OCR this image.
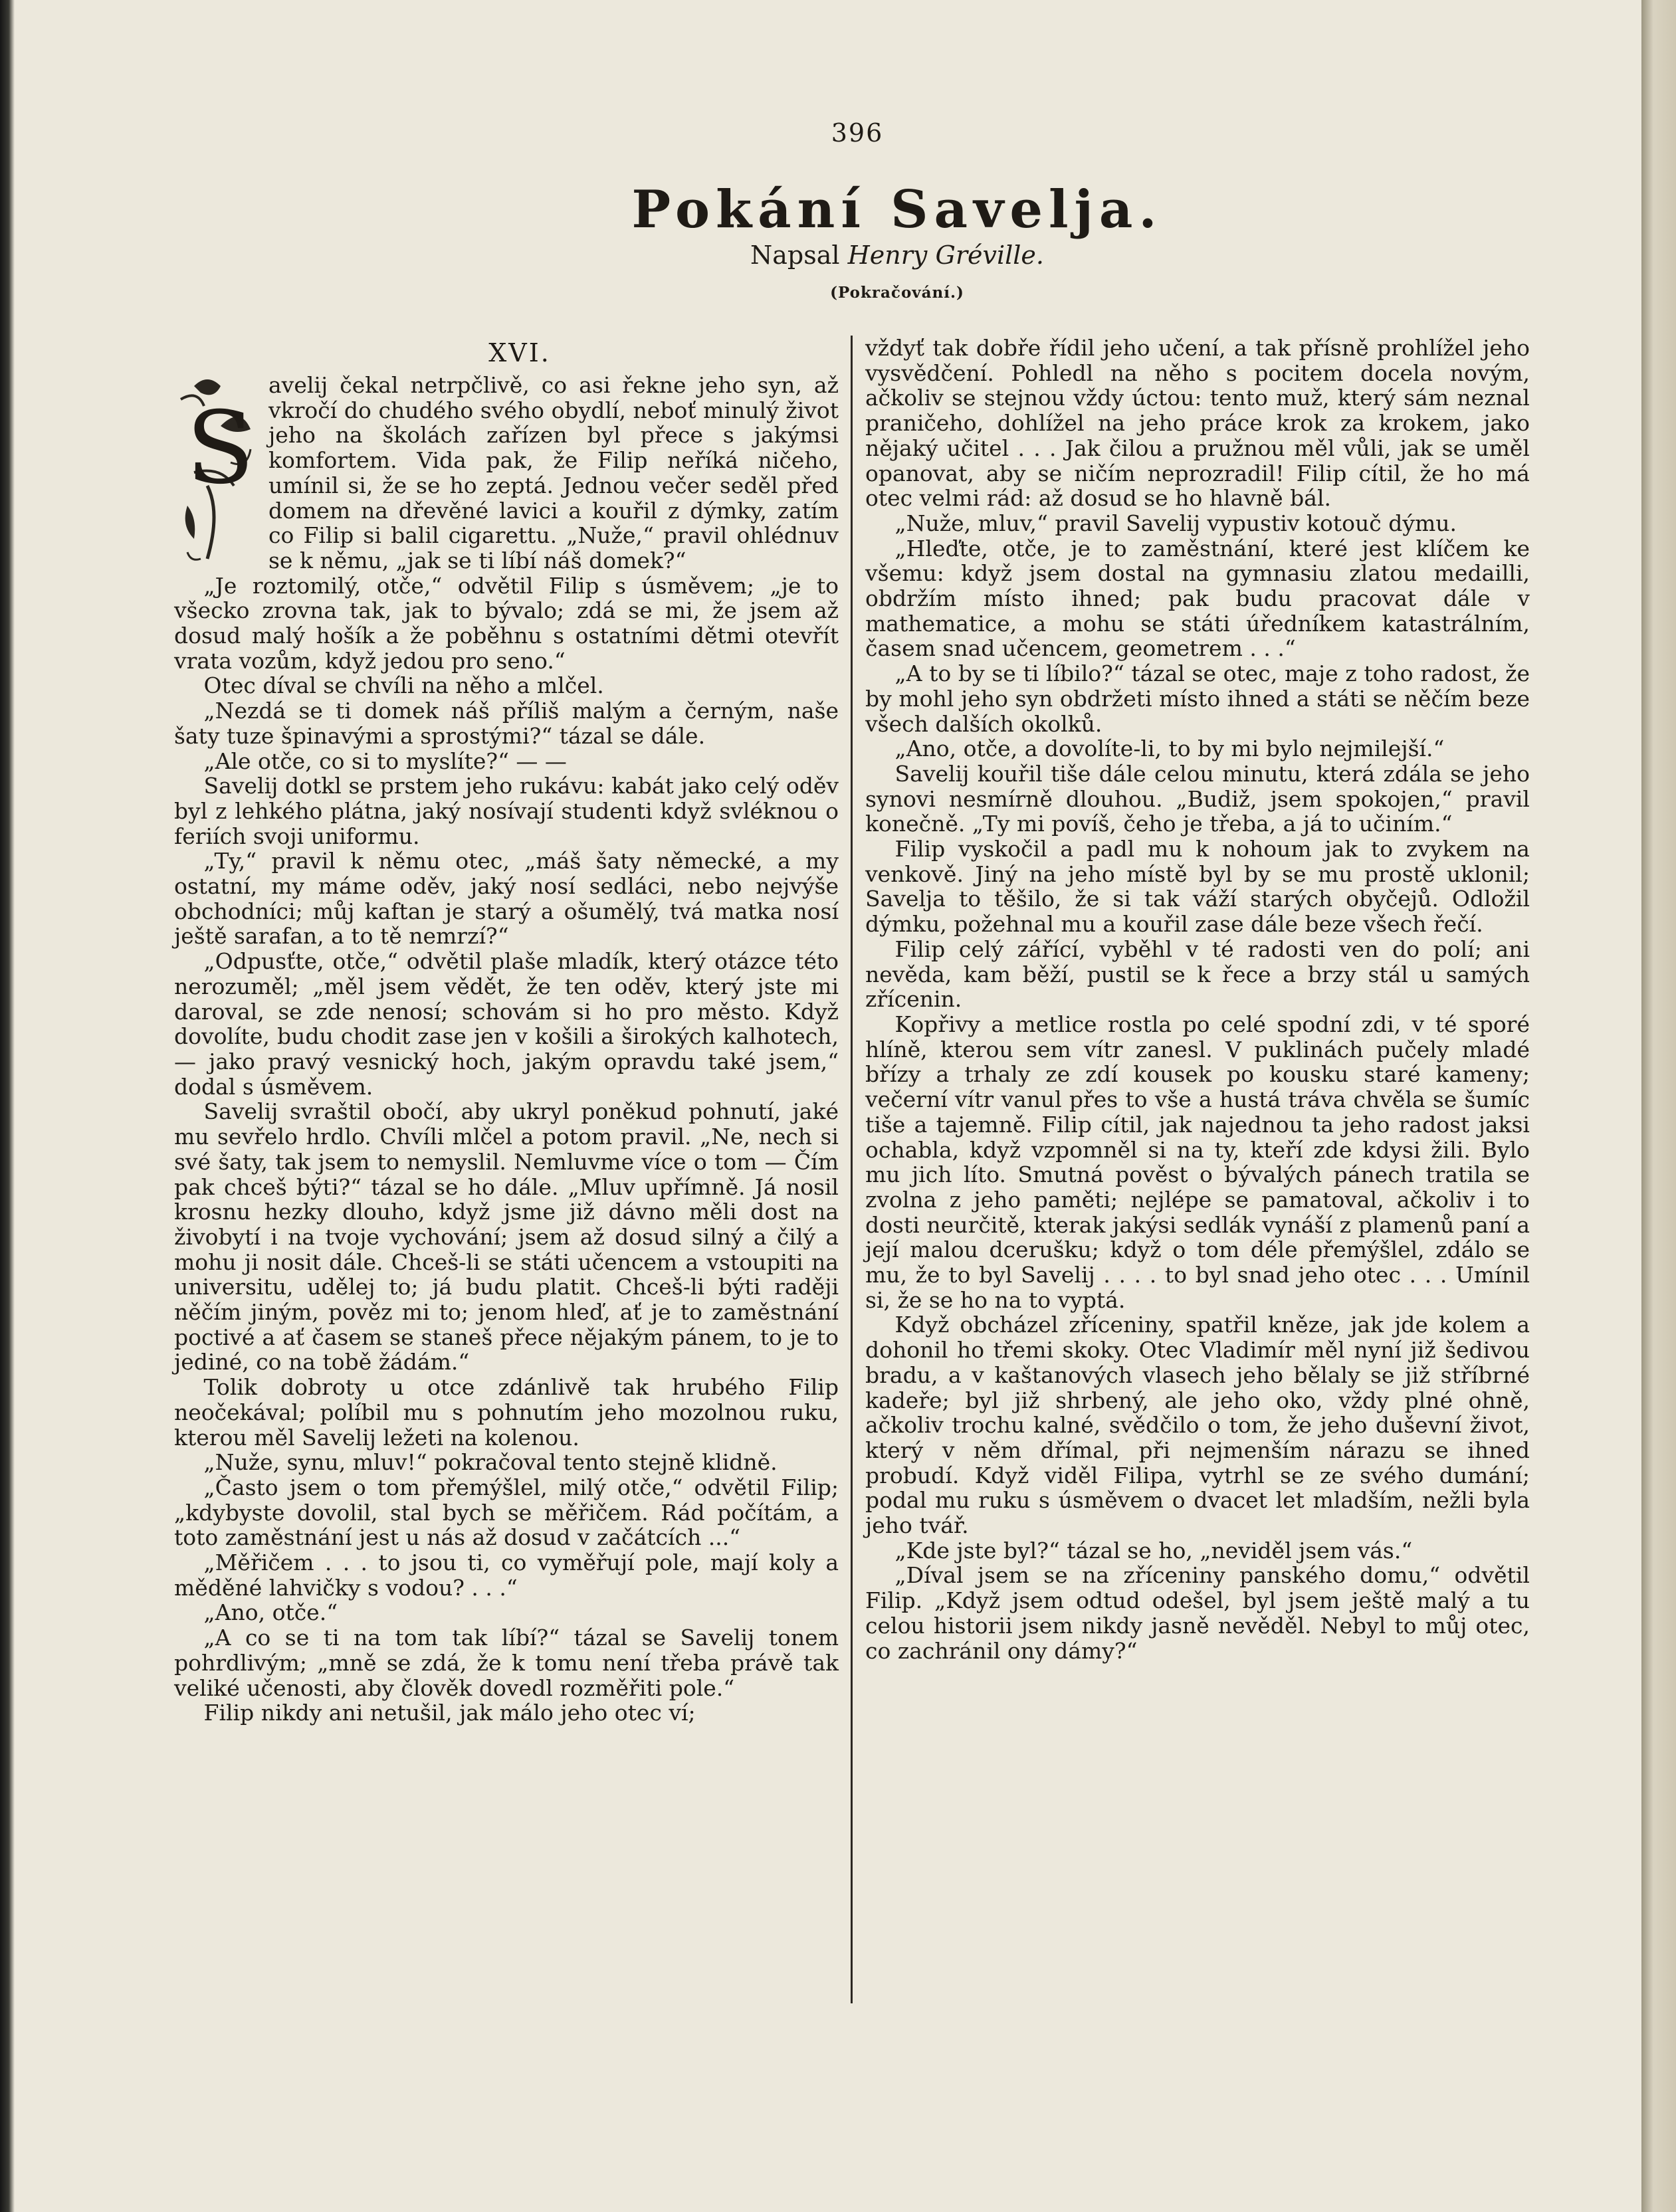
396
Pokání Savelja.
Napsal Henry Gréville.
(Pokračování.)
XVI.
S

avelij čekal netrpčlivě, co asi řekne jeho syn, až vkročí do chudého svého obydlí, neboť minulý život jeho na školách zařízen byl přece s jakýmsi komfortem. Vida pak, že Filip neříká ničeho, umínil si, že se ho zeptá. Jednou večer seděl před domem na dřevěné lavici a kouřil z dýmky, zatím co Filip si balil cigarettu. „Nuže,“ pravil ohlédnuv se k němu, „jak se ti líbí náš domek?“

„Je roztomilý, otče,“ odvětil Filip s úsměvem; „je to všecko zrovna tak, jak to bývalo; zdá se mi, že jsem až dosud malý hošík a že poběhnu s ostatními dětmi otevřít vrata vozům, když jedou pro seno.“

Otec díval se chvíli na něho a mlčel.

„Nezdá se ti domek náš příliš malým a černým, naše šaty tuze špinavými a sprostými?“ tázal se dále.

„Ale otče, co si to myslíte?“ — —

Savelij dotkl se prstem jeho rukávu: kabát jako celý oděv byl z lehkého plátna, jaký nosívají studenti když svléknou o feriích svoji uniformu.

„Ty,“ pravil k němu otec, „máš šaty německé, a my ostatní, my máme oděv, jaký nosí sedláci, nebo nejvýše obchodníci; můj kaftan je starý a ošumělý, tvá matka nosí ještě sarafan, a to tě nemrzí?“

„Odpusťte, otče,“ odvětil plaše mladík, který otázce této nerozuměl; „měl jsem vědět, že ten oděv, který jste mi daroval, se zde nenosí; schovám si ho pro město. Když dovolíte, budu chodit zase jen v košili a širokých kalhotech, — jako pravý vesnický hoch, jakým opravdu také jsem,“ dodal s úsměvem.

Savelij svraštil obočí, aby ukryl poněkud pohnutí, jaké mu sevřelo hrdlo. Chvíli mlčel a potom pravil. „Ne, nech si své šaty, tak jsem to nemyslil. Nemluvme více o tom — Čím pak chceš býti?“ tázal se ho dále. „Mluv upřímně. Já nosil krosnu hezky dlouho, když jsme již dávno měli dost na živobytí i na tvoje vychování; jsem až dosud silný a čilý a mohu ji nosit dále. Chceš-li se státi učencem a vstoupiti na universitu, udělej to; já budu platit. Chceš-li býti raději něčím jiným, pověz mi to; jenom hleď, ať je to zaměstnání poctivé a ať časem se staneš přece nějakým pánem, to je to jediné, co na tobě žádám.“

Tolik dobroty u otce zdánlivě tak hrubého Filip neočekával; políbil mu s pohnutím jeho mozolnou ruku, kterou měl Savelij ležeti na kolenou.

„Nuže, synu, mluv!“ pokračoval tento stejně klidně.

„Často jsem o tom přemýšlel, milý otče,“ odvětil Filip; „kdybyste dovolil, stal bych se měřičem. Rád počítám, a toto zaměstnání jest u nás až dosud v začátcích ...“

„Měřičem . . . to jsou ti, co vyměřují pole, mají koly a měděné lahvičky s vodou? . . .“

„Ano, otče.“

„A co se ti na tom tak líbí?“ tázal se Savelij tonem pohrdlivým; „mně se zdá, že k tomu není třeba právě tak veliké učenosti, aby člověk dovedl rozměřiti pole.“

Filip nikdy ani netušil, jak málo jeho otec ví;

vždyť tak dobře řídil jeho učení, a tak přísně prohlížel jeho vysvědčení. Pohledl na něho s pocitem docela novým, ačkoliv se stejnou vždy úctou: tento muž, který sám neznal praničeho, dohlížel na jeho práce krok za krokem, jako nějaký učitel . . . Jak čilou a pružnou měl vůli, jak se uměl opanovat, aby se ničím neprozradil! Filip cítil, že ho má otec velmi rád: až dosud se ho hlavně bál.

„Nuže, mluv,“ pravil Savelij vypustiv kotouč dýmu.

„Hleďte, otče, je to zaměstnání, které jest klíčem ke všemu: když jsem dostal na gymnasiu zlatou medailli, obdržím místo ihned; pak budu pracovat dále v mathematice, a mohu se státi úředníkem katastrálním, časem snad učencem, geometrem . . .“

„A to by se ti líbilo?“ tázal se otec, maje z toho radost, že by mohl jeho syn obdržeti místo ihned a státi se něčím beze všech dalších okolků.

„Ano, otče, a dovolíte-li, to by mi bylo nejmilejší.“

Savelij kouřil tiše dále celou minutu, která zdála se jeho synovi nesmírně dlouhou. „Budiž, jsem spokojen,“ pravil konečně. „Ty mi povíš, čeho je třeba, a já to učiním.“

Filip vyskočil a padl mu k nohoum jak to zvykem na venkově. Jiný na jeho místě byl by se mu prostě uklonil; Savelja to těšilo, že si tak váží starých obyčejů. Odložil dýmku, požehnal mu a kouřil zase dále beze všech řečí.

Filip celý zářící, vyběhl v té radosti ven do polí; ani nevěda, kam běží, pustil se k řece a brzy stál u samých zřícenin.

Kopřivy a metlice rostla po celé spodní zdi, v té sporé hlíně, kterou sem vítr zanesl. V puklinách pučely mladé břízy a trhaly ze zdí kousek po kousku staré kameny; večerní vítr vanul přes to vše a hustá tráva chvěla se šumíc tiše a tajemně. Filip cítil, jak najednou ta jeho radost jaksi ochabla, když vzpomněl si na ty, kteří zde kdysi žili. Bylo mu jich líto. Smutná pověst o bývalých pánech tratila se zvolna z jeho paměti; nejlépe se pamatoval, ačkoliv i to dosti neurčitě, kterak jakýsi sedlák vynáší z plamenů paní a její malou dcerušku; když o tom déle přemýšlel, zdálo se mu, že to byl Savelij . . . . to byl snad jeho otec . . . Umínil si, že se ho na to vyptá.

Když obcházel zříceniny, spatřil kněze, jak jde kolem a dohonil ho třemi skoky. Otec Vladimír měl nyní již šedivou bradu, a v kaštanových vlasech jeho bělaly se již stříbrné kadeře; byl již shrbený, ale jeho oko, vždy plné ohně, ačkoliv trochu kalné, svědčilo o tom, že jeho duševní život, který v něm dřímal, při nejmenším nárazu se ihned probudí. Když viděl Filipa, vytrhl se ze svého dumání; podal mu ruku s úsměvem o dvacet let mladším, nežli byla jeho tvář.

„Kde jste byl?“ tázal se ho, „neviděl jsem vás.“

„Díval jsem se na zříceniny panského domu,“ odvětil Filip. „Když jsem odtud odešel, byl jsem ještě malý a tu celou historii jsem nikdy jasně nevěděl. Nebyl to můj otec, co zachránil ony dámy?“
